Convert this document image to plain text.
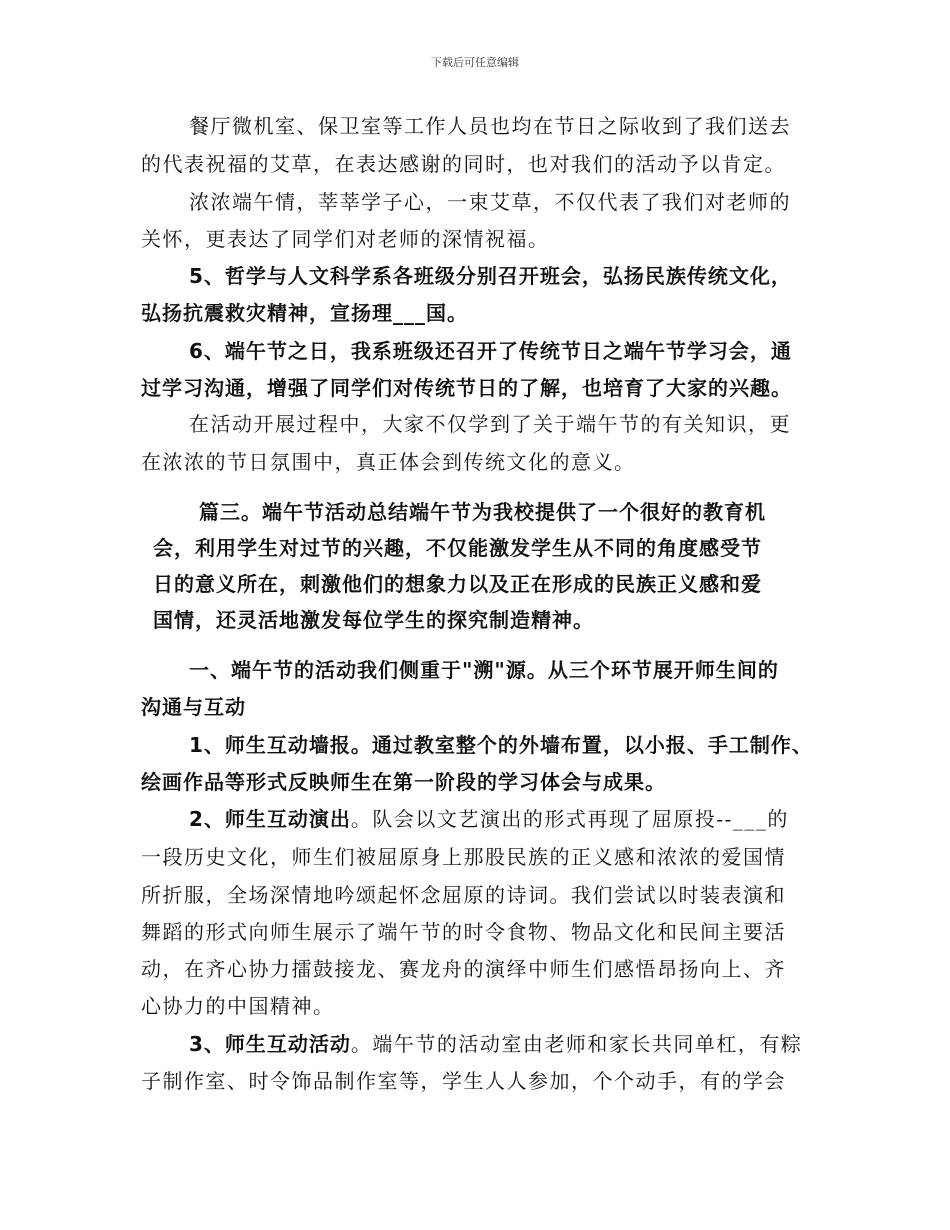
下载后可任意编辑
餐厅微机室、保卫室等工作人员也均在节日之际收到了我们送去
的代表祝福的艾草，在表达感谢的同时，也对我们的活动予以肯定。
浓浓端午情，莘莘学子心，一束艾草，不仅代表了我们对老师的
关怀，更表达了同学们对老师的深情祝福。
5、哲学与人文科学系各班级分别召开班会，弘扬民族传统文化，
弘扬抗震救灾精神，宣扬理___国。
6、端午节之日，我系班级还召开了传统节日之端午节学习会，通
过学习沟通，增强了同学们对传统节日的了解，也培育了大家的兴趣。
在活动开展过程中，大家不仅学到了关于端午节的有关知识，更
在浓浓的节日氛围中，真正体会到传统文化的意义。
篇三。端午节活动总结端午节为我校提供了一个很好的教育机
会，利用学生对过节的兴趣，不仅能激发学生从不同的角度感受节
日的意义所在，刺激他们的想象力以及正在形成的民族正义感和爱
国情，还灵活地激发每位学生的探究制造精神。
一、端午节的活动我们侧重于"溯"源。从三个环节展开师生间的
沟通与互动
1、师生互动墙报。通过教室整个的外墙布置，以小报、手工制作、
绘画作品等形式反映师生在第一阶段的学习体会与成果。
2、师生互动演出。队会以文艺演出的形式再现了屈原投--___的
一段历史文化，师生们被屈原身上那股民族的正义感和浓浓的爱国情
所折服，全场深情地吟颂起怀念屈原的诗词。我们尝试以时装表演和
舞蹈的形式向师生展示了端午节的时令食物、物品文化和民间主要活
动，在齐心协力擂鼓接龙、赛龙舟的演绎中师生们感悟昂扬向上、齐
心协力的中国精神。
3、师生互动活动。端午节的活动室由老师和家长共同单杠，有粽
子制作室、时令饰品制作室等，学生人人参加，个个动手，有的学会
